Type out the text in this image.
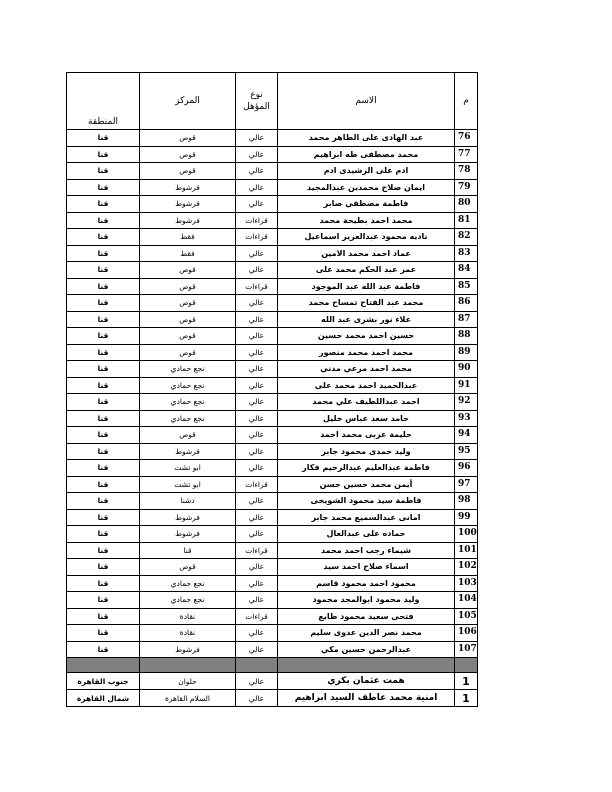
م	الاسم	نوع المؤهل	المركز	المنطقة
76	عبد الهادى على الطاهر محمد	عالي	قوص	قنا
77	محمد مصطفى طه ابراهيم	عالي	قوص	قنا
78	ادم على الرشيدى ادم	عالي	قوص	قنا
79	ايمان صلاح محمدين عبدالمجيد	عالي	فرشوط	قنا
80	فاطمة مصطفي صابر	عالي	فرشوط	قنا
81	محمد احمد بطيحة محمد	قراءات	فرشوط	قنا
82	ناديه محمود عبدالعزيز اسماعيل	قراءات	فقط	قنا
83	عماد احمد محمد الامين	عالي	فقط	قنا
84	عمر عبد الحكم محمد على	عالي	قوص	قنا
85	فاطمة عبد الله عبد الموجود	قراءات	قوص	قنا
86	محمد عبد الفتاح تمساح محمد	عالي	قوص	قنا
87	علاء نور بشرى عبد الله	عالي	قوص	قنا
88	حسين احمد محمد حسين	عالي	قوص	قنا
89	محمد احمد محمد منصور	عالي	قوص	قنا
90	محمد احمد مرعي مدني	عالي	نجع حمادي	قنا
91	عبدالحميد احمد محمد على	عالي	نجع حمادي	قنا
92	احمد عبداللطيف علي محمد	عالي	نجع حمادي	قنا
93	حامد سعد عباس خليل	عالي	نجع حمادي	قنا
94	حليمة عربى محمد احمد	عالي	قوص	قنا
95	وليد حمدى محمود جابر	عالي	فرشوط	قنا
96	فاطمة عبدالعليم عبدالرحيم فكار	عالي	ابو تشت	قنا
97	أيمن محمد حسين حسن	قراءات	ابو تشت	قنا
98	فاطمة سيد محمود الشويخى	عالي	دشنا	قنا
99	امانى عبدالسميع محمد جابر	عالي	فرشوط	قنا
100	حماده على عبدالعال	عالي	فرشوط	قنا
101	شيماء رجب احمد محمد	قراءات	قنا	قنا
102	اسماء صلاح احمد سيد	عالي	قوص	قنا
103	محمود احمد محمود قاسم	عالي	نجع حمادي	قنا
104	وليد محمود ابوالمجد محمود	عالي	نجع حمادي	قنا
105	فتحى سعيد محمود طايع	قراءات	نقادة	قنا
106	محمد نصر الدين عدوى سليم	عالي	نقادة	قنا
107	عبدالرحمن حسين مكي	عالي	فرشوط	قنا

1	همت عثمان بكري	عالي	حلوان	جنوب القاهرة
1	امنية محمد عاطف السيد ابراهيم	عالي	السلام القاهرة	شمال القاهرة
